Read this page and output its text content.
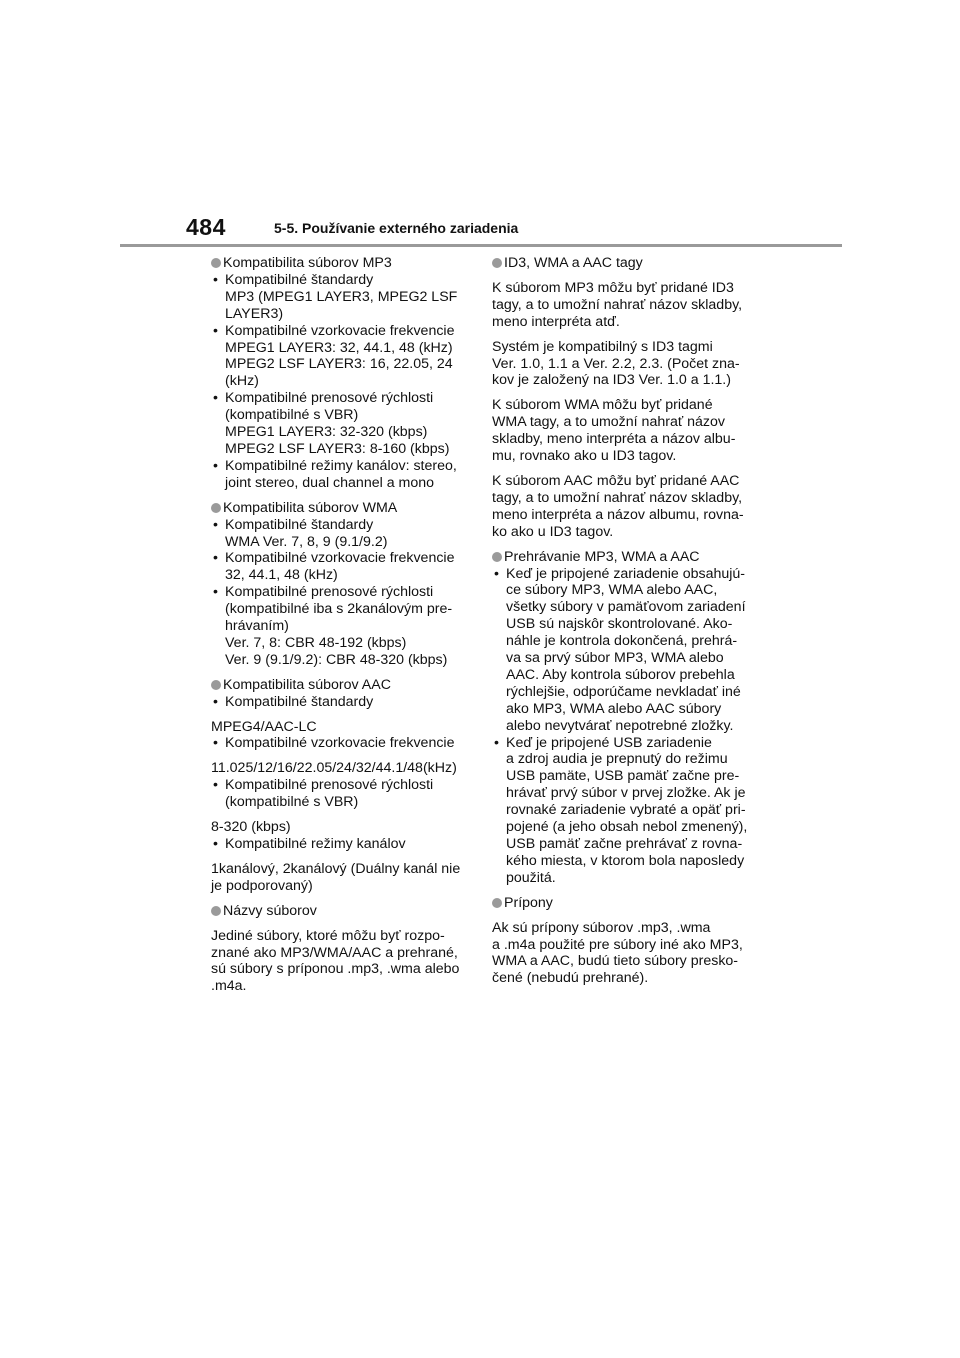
484	5-5. Používanie externého zariadenia
Kompatibilita súborov MP3
• Kompatibilné štandardy
MP3 (MPEG1 LAYER3, MPEG2 LSF
LAYER3)
• Kompatibilné vzorkovacie frekvencie
MPEG1 LAYER3: 32, 44.1, 48 (kHz)
MPEG2 LSF LAYER3: 16, 22.05, 24
(kHz)
• Kompatibilné prenosové rýchlosti
(kompatibilné s VBR)
MPEG1 LAYER3: 32-320 (kbps)
MPEG2 LSF LAYER3: 8-160 (kbps)
• Kompatibilné režimy kanálov: stereo,
joint stereo, dual channel a mono
Kompatibilita súborov WMA
• Kompatibilné štandardy
WMA Ver. 7, 8, 9 (9.1/9.2)
• Kompatibilné vzorkovacie frekvencie
32, 44.1, 48 (kHz)
• Kompatibilné prenosové rýchlosti
(kompatibilné iba s 2kanálovým pre-
hrávaním)
Ver. 7, 8: CBR 48-192 (kbps)
Ver. 9 (9.1/9.2): CBR 48-320 (kbps)
Kompatibilita súborov AAC
• Kompatibilné štandardy
MPEG4/AAC-LC
• Kompatibilné vzorkovacie frekvencie
11.025/12/16/22.05/24/32/44.1/48(kHz)
• Kompatibilné prenosové rýchlosti
(kompatibilné s VBR)
8-320 (kbps)
• Kompatibilné režimy kanálov
1kanálový, 2kanálový (Duálny kanál nie
je podporovaný)
Názvy súborov
Jediné súbory, ktoré môžu byť rozpo-
znané ako MP3/WMA/AAC a prehrané,
sú súbory s príponou .mp3, .wma alebo
.m4a.
ID3, WMA a AAC tagy
K súborom MP3 môžu byť pridané ID3
tagy, a to umožní nahrať názov skladby,
meno interpréta atď.
Systém je kompatibilný s ID3 tagmi
Ver. 1.0, 1.1 a Ver. 2.2, 2.3. (Počet zna-
kov je založený na ID3 Ver. 1.0 a 1.1.)
K súborom WMA môžu byť pridané
WMA tagy, a to umožní nahrať názov
skladby, meno interpréta a názov albu-
mu, rovnako ako u ID3 tagov.
K súborom AAC môžu byť pridané AAC
tagy, a to umožní nahrať názov skladby,
meno interpréta a názov albumu, rovna-
ko ako u ID3 tagov.
Prehrávanie MP3, WMA a AAC
• Keď je pripojené zariadenie obsahujú-
ce súbory MP3, WMA alebo AAC,
všetky súbory v pamäťovom zariadení
USB sú najskôr skontrolované. Ako-
náhle je kontrola dokončená, prehrá-
va sa prvý súbor MP3, WMA alebo
AAC. Aby kontrola súborov prebehla
rýchlejšie, odporúčame nevkladať iné
ako MP3, WMA alebo AAC súbory
alebo nevytvárať nepotrebné zložky.
• Keď je pripojené USB zariadenie
a zdroj audia je prepnutý do režimu
USB pamäte, USB pamäť začne pre-
hrávať prvý súbor v prvej zložke. Ak je
rovnaké zariadenie vybraté a opäť pri-
pojené (a jeho obsah nebol zmenený),
USB pamäť začne prehrávať z rovna-
kého miesta, v ktorom bola naposledy
použitá.
Prípony
Ak sú prípony súborov .mp3, .wma
a .m4a použité pre súbory iné ako MP3,
WMA a AAC, budú tieto súbory presko-
čené (nebudú prehrané).
